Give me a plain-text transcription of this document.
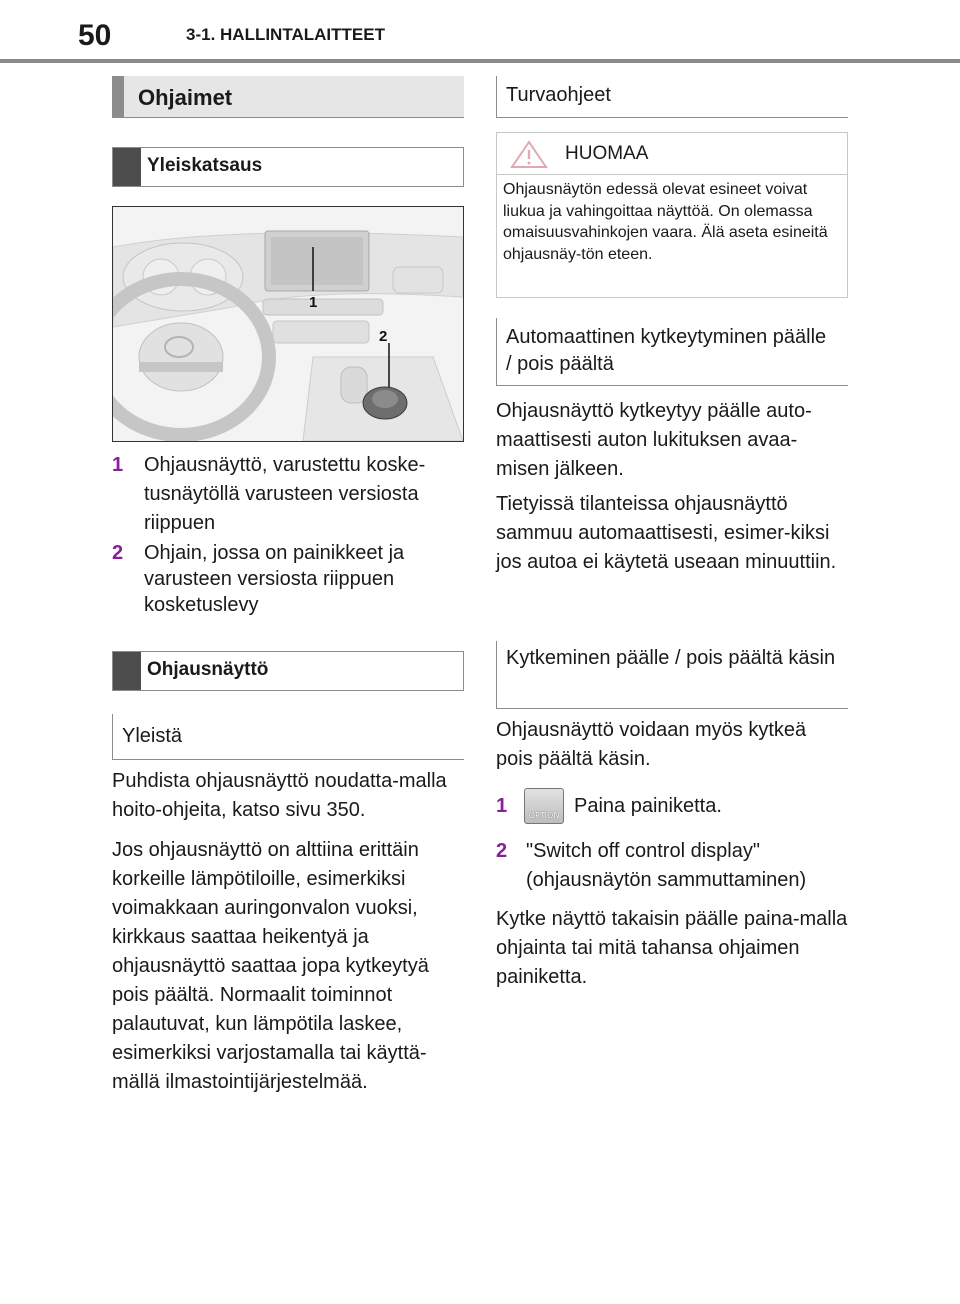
50	3-1. HALLINTALAITTEET
Ohjaimet
Yleiskatsaus
1
2
1 Ohjausnäyttö, varustettu koske-tusnäytöllä varusteen versiosta riippuen
2 Ohjain, jossa on painikkeet ja varusteen versiosta riippuen kosketuslevy
Ohjausnäyttö
Yleistä
Puhdista ohjausnäyttö noudatta-malla hoito-ohjeita, katso sivu 350.
Jos ohjausnäyttö on alttiina erittäin korkeille lämpötiloille, esimerkiksi voimakkaan auringonvalon vuoksi, kirkkaus saattaa heikentyä ja ohjausnäyttö saattaa jopa kytkeytyä pois päältä. Normaalit toiminnot palautuvat, kun lämpötila laskee, esimerkiksi varjostamalla tai käyttä-mällä ilmastointijärjestelmää.
Turvaohjeet
HUOMAA
Ohjausnäytön edessä olevat esineet voivat liukua ja vahingoittaa näyttöä. On olemassa omaisuusvahinkojen vaara. Älä aseta esineitä ohjausnäy-tön eteen.
Automaattinen kytkeytyminen päälle / pois päältä
Ohjausnäyttö kytkeytyy päälle auto-maattisesti auton lukituksen avaa-misen jälkeen.
Tietyissä tilanteissa ohjausnäyttö sammuu automaattisesti, esimer-kiksi jos autoa ei käytetä useaan minuuttiin.
Kytkeminen päälle / pois päältä käsin
Ohjausnäyttö voidaan myös kytkeä pois päältä käsin.
1	OPTION Paina painiketta.
2 "Switch off control display" (ohjausnäytön sammuttaminen)
Kytke näyttö takaisin päälle paina-malla ohjainta tai mitä tahansa ohjaimen painiketta.
